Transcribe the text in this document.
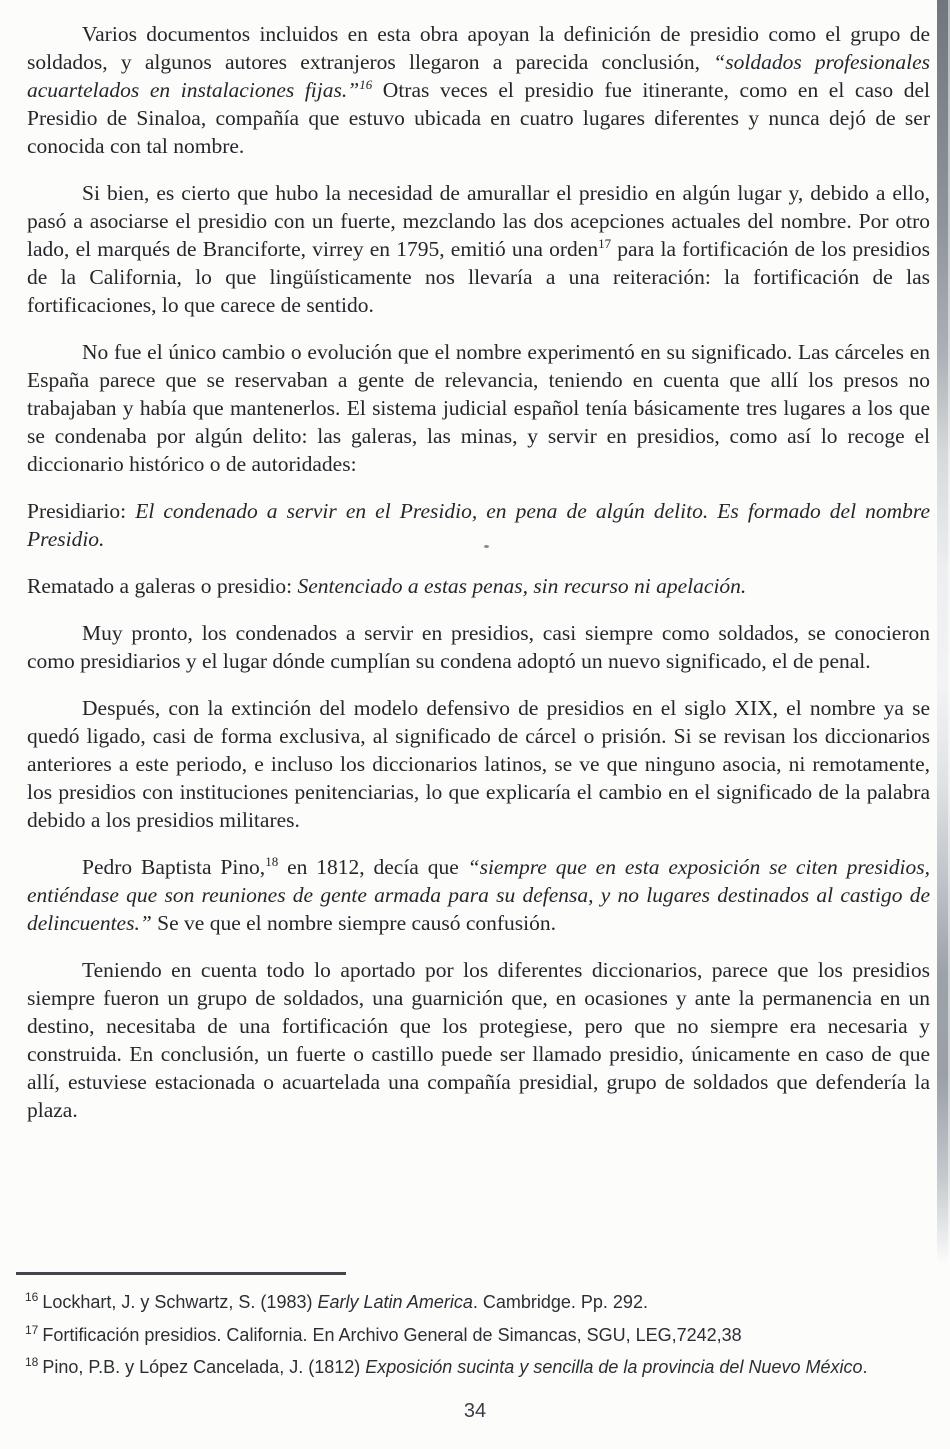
Varios documentos incluidos en esta obra apoyan la definición de presidio como el grupo de soldados, y algunos autores extranjeros llegaron a parecida conclusión, “soldados profesionales acuartelados en instalaciones fijas.”$^{16}$ Otras veces el presidio fue itinerante, como en el caso del Presidio de Sinaloa, compañía que estuvo ubicada en cuatro lugares diferentes y nunca dejó de ser conocida con tal nombre.

Si bien, es cierto que hubo la necesidad de amurallar el presidio en algún lugar y, debido a ello, pasó a asociarse el presidio con un fuerte, mezclando las dos acepciones actuales del nombre. Por otro lado, el marqués de Branciforte, virrey en 1795, emitió una orden$^{17}$ para la fortificación de los presidios de la California, lo que lingüísticamente nos llevaría a una reiteración: la fortificación de las fortificaciones, lo que carece de sentido.

No fue el único cambio o evolución que el nombre experimentó en su significado. Las cárceles en España parece que se reservaban a gente de relevancia, teniendo en cuenta que allí los presos no trabajaban y había que mantenerlos. El sistema judicial español tenía básicamente tres lugares a los que se condenaba por algún delito: las galeras, las minas, y servir en presidios, como así lo recoge el diccionario histórico o de autoridades:

Presidiario: El condenado a servir en el Presidio, en pena de algún delito. Es formado del nombre Presidio.

Rematado a galeras o presidio: Sentenciado a estas penas, sin recurso ni apelación.

Muy pronto, los condenados a servir en presidios, casi siempre como soldados, se conocieron como presidiarios y el lugar dónde cumplían su condena adoptó un nuevo significado, el de penal.

Después, con la extinción del modelo defensivo de presidios en el siglo XIX, el nombre ya se quedó ligado, casi de forma exclusiva, al significado de cárcel o prisión. Si se revisan los diccionarios anteriores a este periodo, e incluso los diccionarios latinos, se ve que ninguno asocia, ni remotamente, los presidios con instituciones penitenciarias, lo que explicaría el cambio en el significado de la palabra debido a los presidios militares.

Pedro Baptista Pino,$^{18}$ en 1812, decía que “siempre que en esta exposición se citen presidios, entiéndase que son reuniones de gente armada para su defensa, y no lugares destinados al castigo de delincuentes.” Se ve que el nombre siempre causó confusión.

Teniendo en cuenta todo lo aportado por los diferentes diccionarios, parece que los presidios siempre fueron un grupo de soldados, una guarnición que, en ocasiones y ante la permanencia en un destino, necesitaba de una fortificación que los protegiese, pero que no siempre era necesaria y construida. En conclusión, un fuerte o castillo puede ser llamado presidio, únicamente en caso de que allí, estuviese estacionada o acuartelada una compañía presidial, grupo de soldados que defendería la plaza.

$^{16}$ Lockhart, J. y Schwartz, S. (1983) Early Latin America. Cambridge. Pp. 292.
$^{17}$ Fortificación presidios. California. En Archivo General de Simancas, SGU, LEG,7242,38
$^{18}$ Pino, P.B. y López Cancelada, J. (1812) Exposición sucinta y sencilla de la provincia del Nuevo México.
34
